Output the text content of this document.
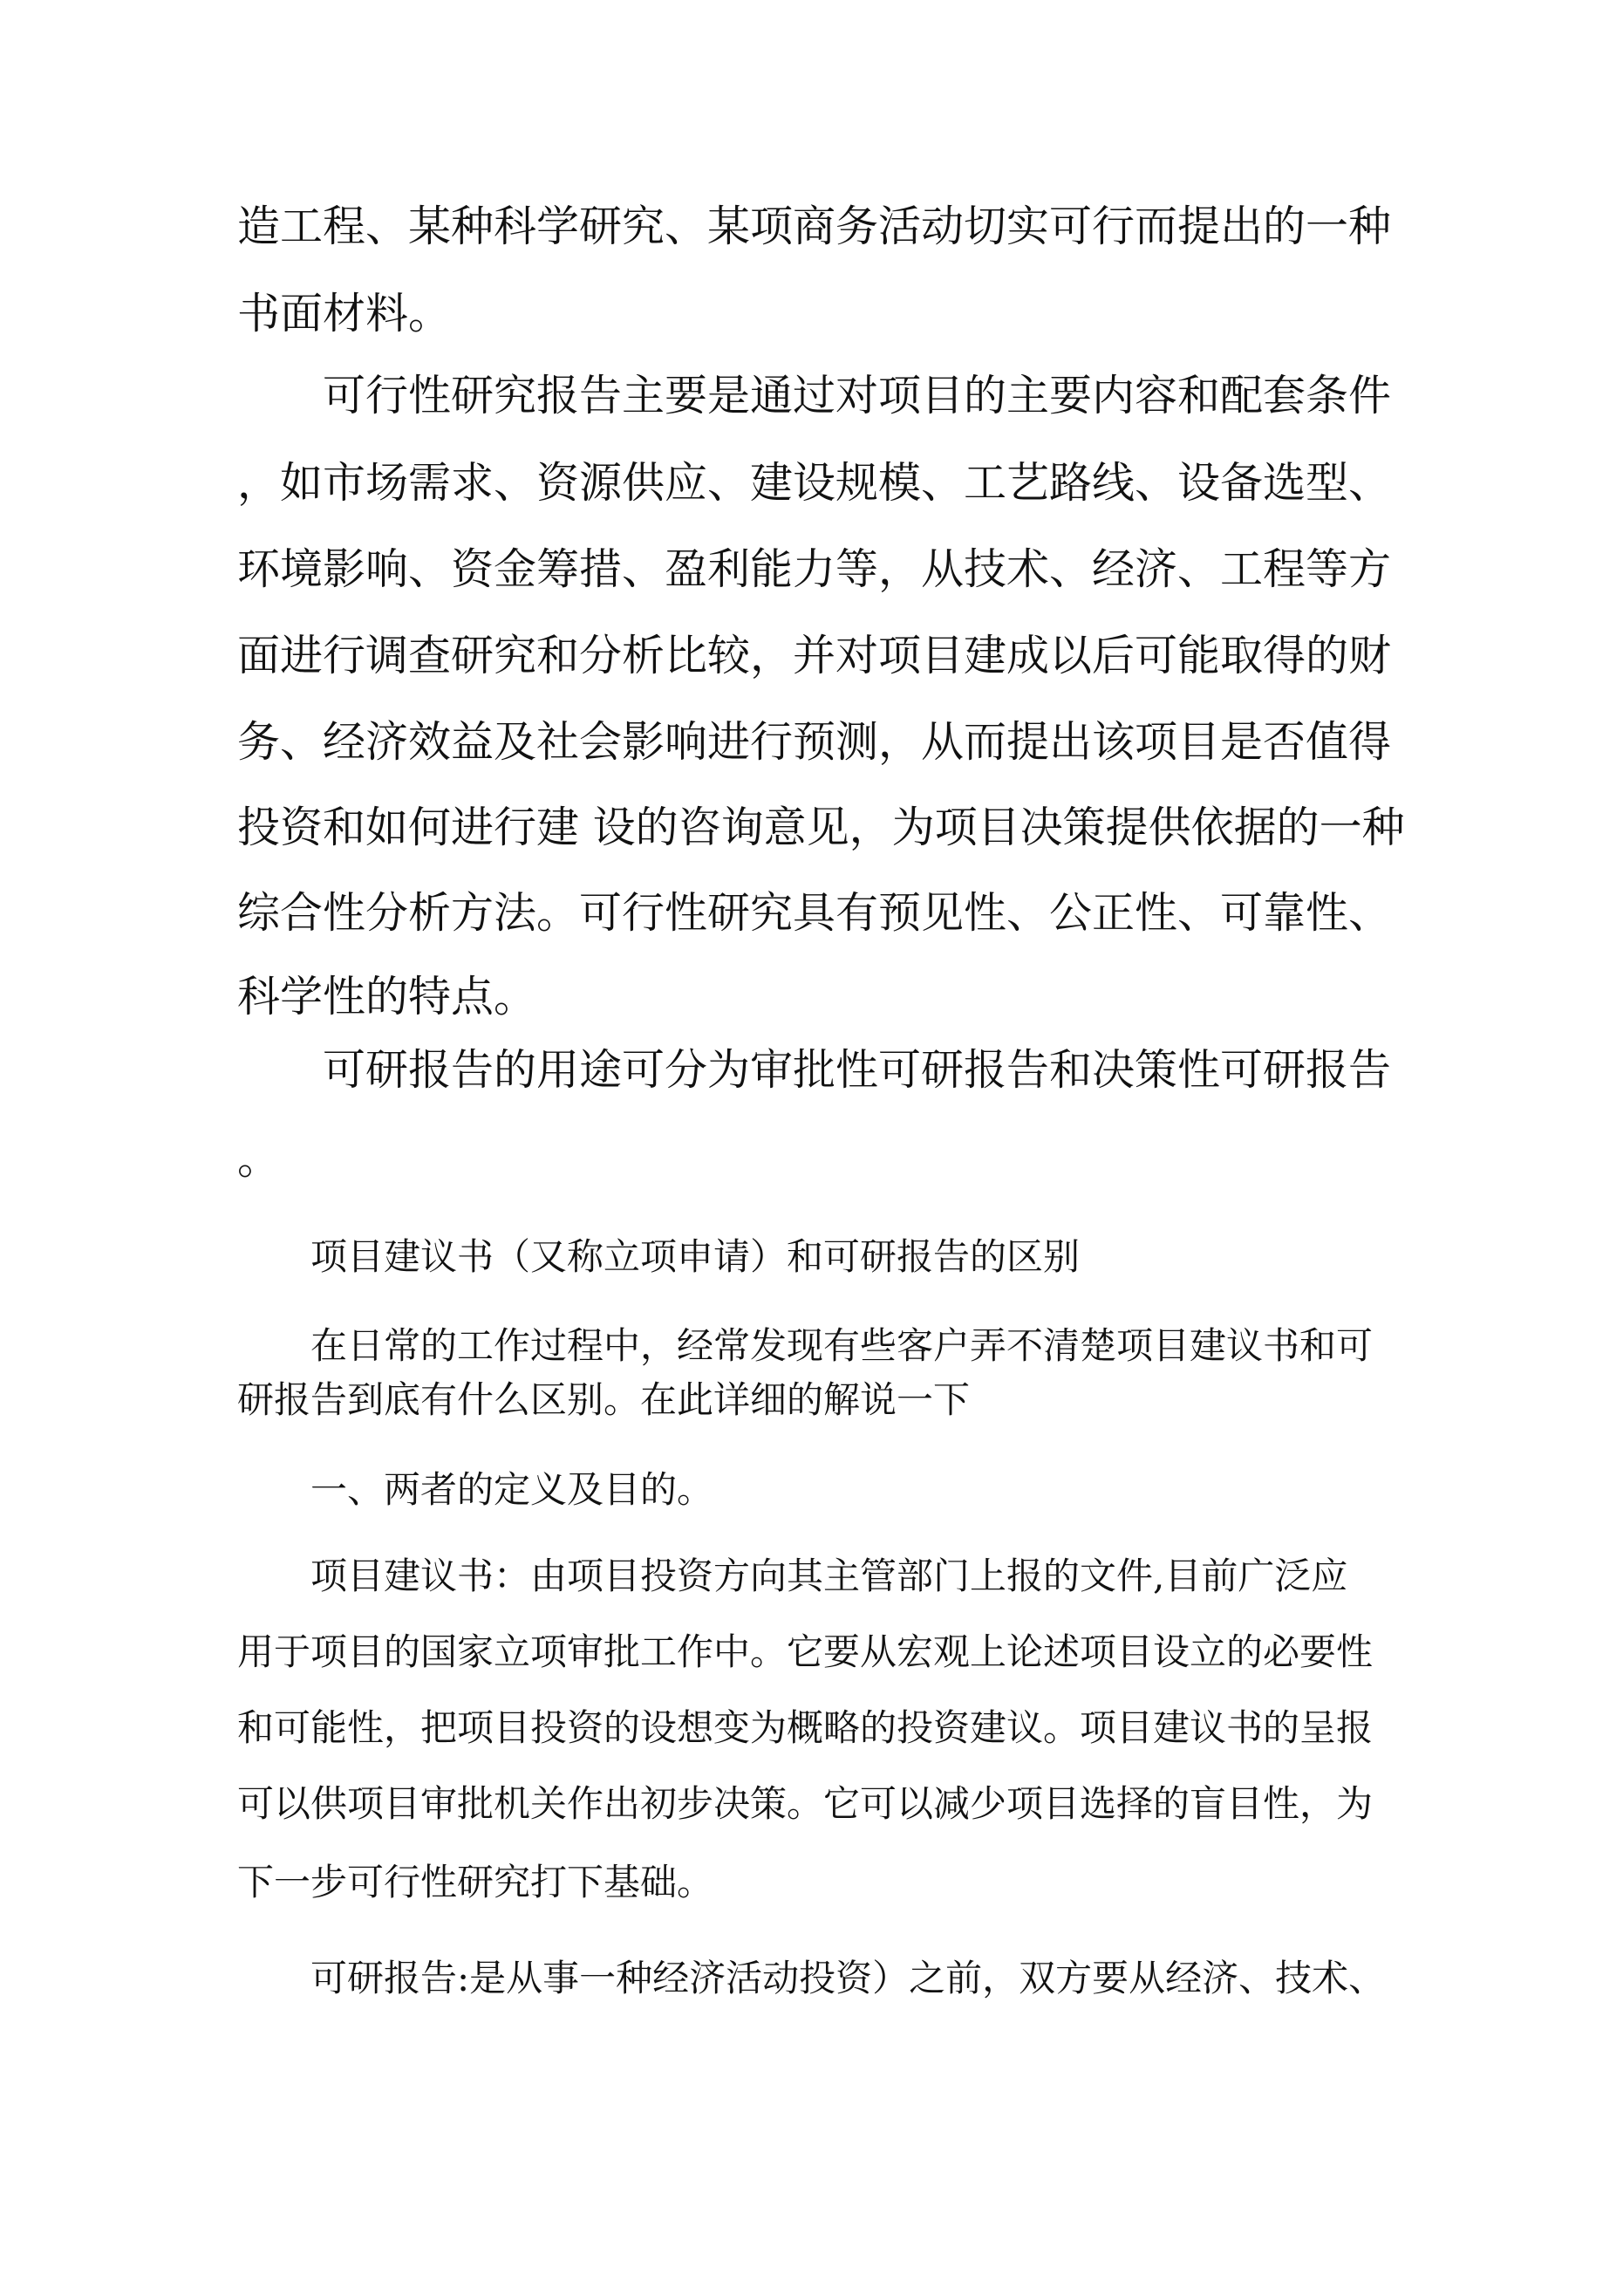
造工程、某种科学研究、某项商务活动切实可行而提出的一种
书面材料。
　　可行性研究报告主要是通过对项目的主要内容和配套条件
，如市场需求、资源供应、建设规模、工艺路线、设备选型、
环境影响、资金筹措、盈利能力等，从技术、经济、工程等方
面进行调查研究和分析比较，并对项目建成以后可能取得的财
务、经济效益及社会影响进行预测，从而提出该项目是否值得
投资和如何进行建 设的咨询意见，为项目决策提供依据的一种
综合性分析方法。可行性研究具有预见性、公正性、可靠性、
科学性的特点。
　　可研报告的用途可分为审批性可研报告和决策性可研报告
。
　　项目建议书（又称立项申请）和可研报告的区别
　　在日常的工作过程中，经常发现有些客户弄不清楚项目建议书和可
研报告到底有什么区别。在此详细的解说一下
　　一、两者的定义及目的。
　　项目建议书：由项目投资方向其主管部门上报的文件,目前广泛应
用于项目的国家立项审批工作中。它要从宏观上论述项目设立的必要性
和可能性，把项目投资的设想变为概略的投资建议。项目建议书的呈报
可以供项目审批机关作出初步决策。它可以减少项目选择的盲目性，为
下一步可行性研究打下基础。
　　可研报告:是从事一种经济活动投资）之前，双方要从经济、技术、
